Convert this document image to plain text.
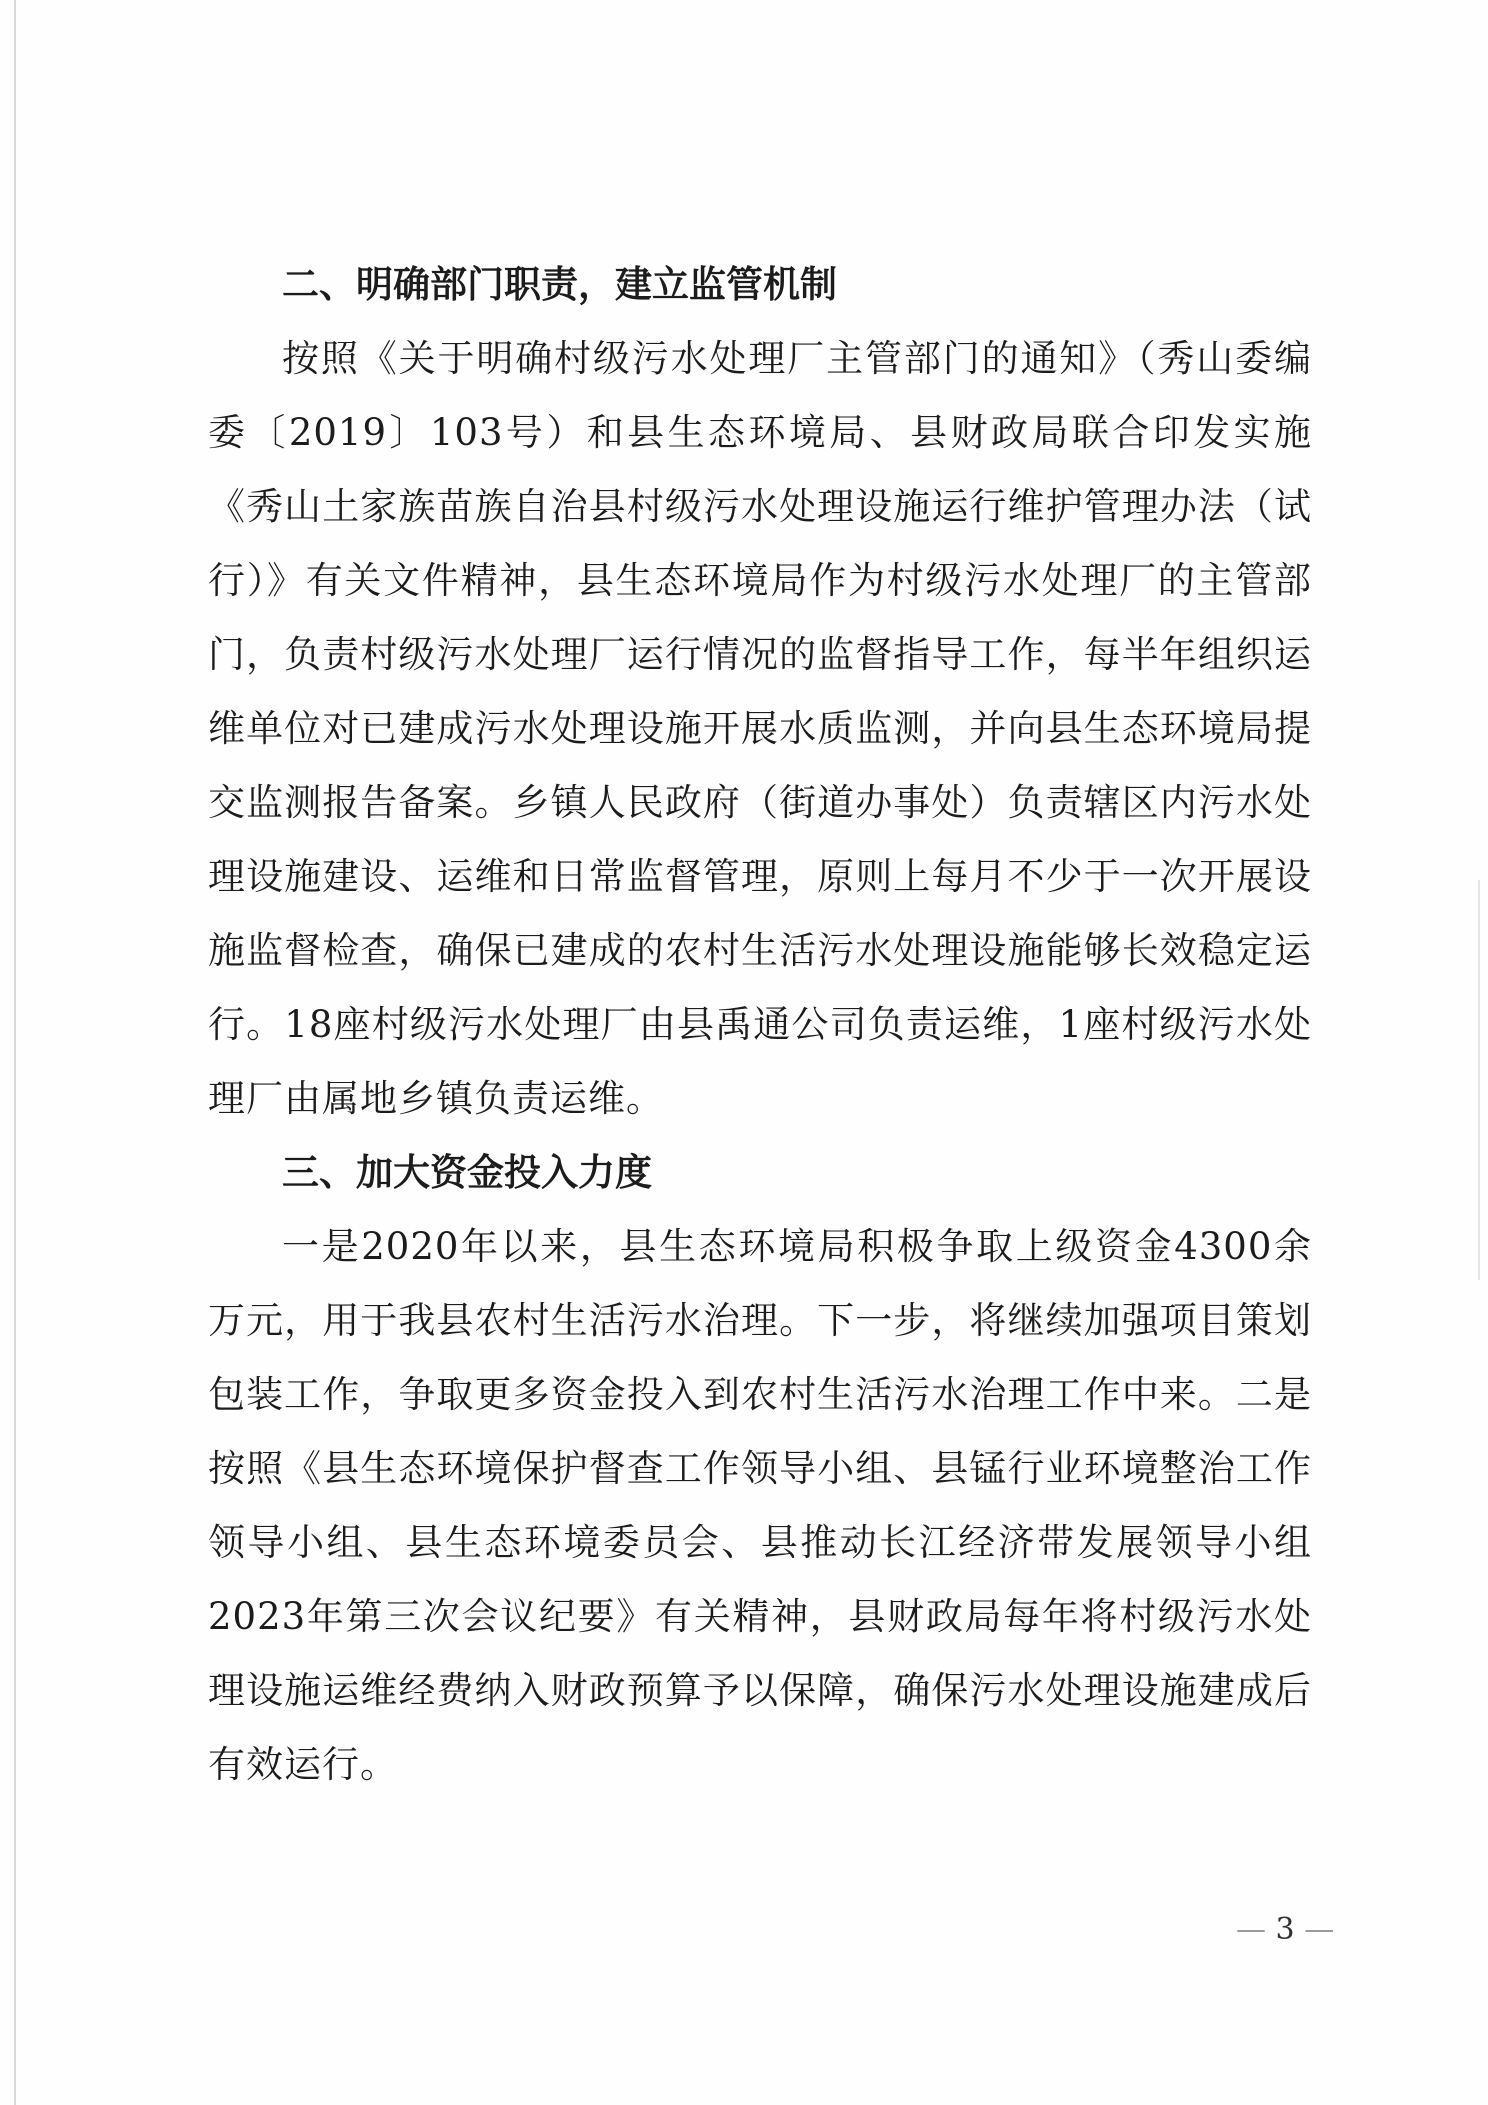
二、明确部门职责，建立监管机制

按照《关于明确村级污水处理厂主管部门的通知》（秀山委编委〔2019〕103号）和县生态环境局、县财政局联合印发实施《秀山土家族苗族自治县村级污水处理设施运行维护管理办法（试行）》有关文件精神，县生态环境局作为村级污水处理厂的主管部门，负责村级污水处理厂运行情况的监督指导工作，每半年组织运维单位对已建成污水处理设施开展水质监测，并向县生态环境局提交监测报告备案。乡镇人民政府（街道办事处）负责辖区内污水处理设施建设、运维和日常监督管理，原则上每月不少于一次开展设施监督检查，确保已建成的农村生活污水处理设施能够长效稳定运行。18座村级污水处理厂由县禹通公司负责运维，1座村级污水处理厂由属地乡镇负责运维。

三、加大资金投入力度

一是2020年以来，县生态环境局积极争取上级资金4300余万元，用于我县农村生活污水治理。下一步，将继续加强项目策划包装工作，争取更多资金投入到农村生活污水治理工作中来。二是按照《县生态环境保护督查工作领导小组、县锰行业环境整治工作领导小组、县生态环境委员会、县推动长江经济带发展领导小组2023年第三次会议纪要》有关精神，县财政局每年将村级污水处理设施运维经费纳入财政预算予以保障，确保污水处理设施建成后有效运行。

— 3 —
